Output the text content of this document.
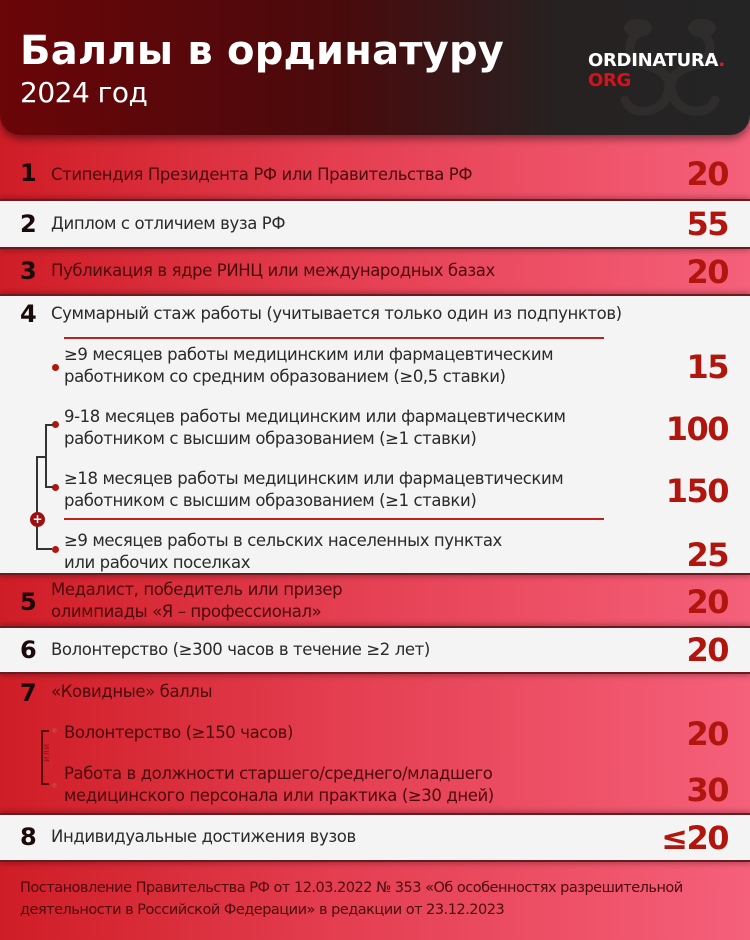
Баллы в ординатуру
2024 год
ORDINATURA.
ORG
1 Стипендия Президента РФ или Правительства РФ	20
2 Диплом с отличием вуза РФ	55
3 Публикация в ядре РИНЦ или международных базах	20
4 Суммарный стаж работы (учитывается только один из подпунктов)
≥9 месяцев работы медицинским или фармацевтическим
работником со средним образованием (≥0,5 ставки)	15
9-18 месяцев работы медицинским или фармацевтическим
работником с высшим образованием (≥1 ставки)	100
≥18 месяцев работы медицинским или фармацевтическим
работником с высшим образованием (≥1 ставки)	150
≥9 месяцев работы в сельских населенных пунктах
или рабочих поселках	25
+
5 Медалист, победитель или призер
олимпиады «Я – профессионал»	20
6 Волонтерство (≥300 часов в течение ≥2 лет)	20
7 «Ковидные» баллы
Волонтерство (≥150 часов)	20
Работа в должности старшего/среднего/младшего
медицинского персонала или практика (≥30 дней)	30
ИЛИ
8 Индивидуальные достижения вузов	≤20
Постановление Правительства РФ от 12.03.2022 № 353 «Об особенностях разрешительной деятельности в Российской Федерации» в редакции от 23.12.2023
